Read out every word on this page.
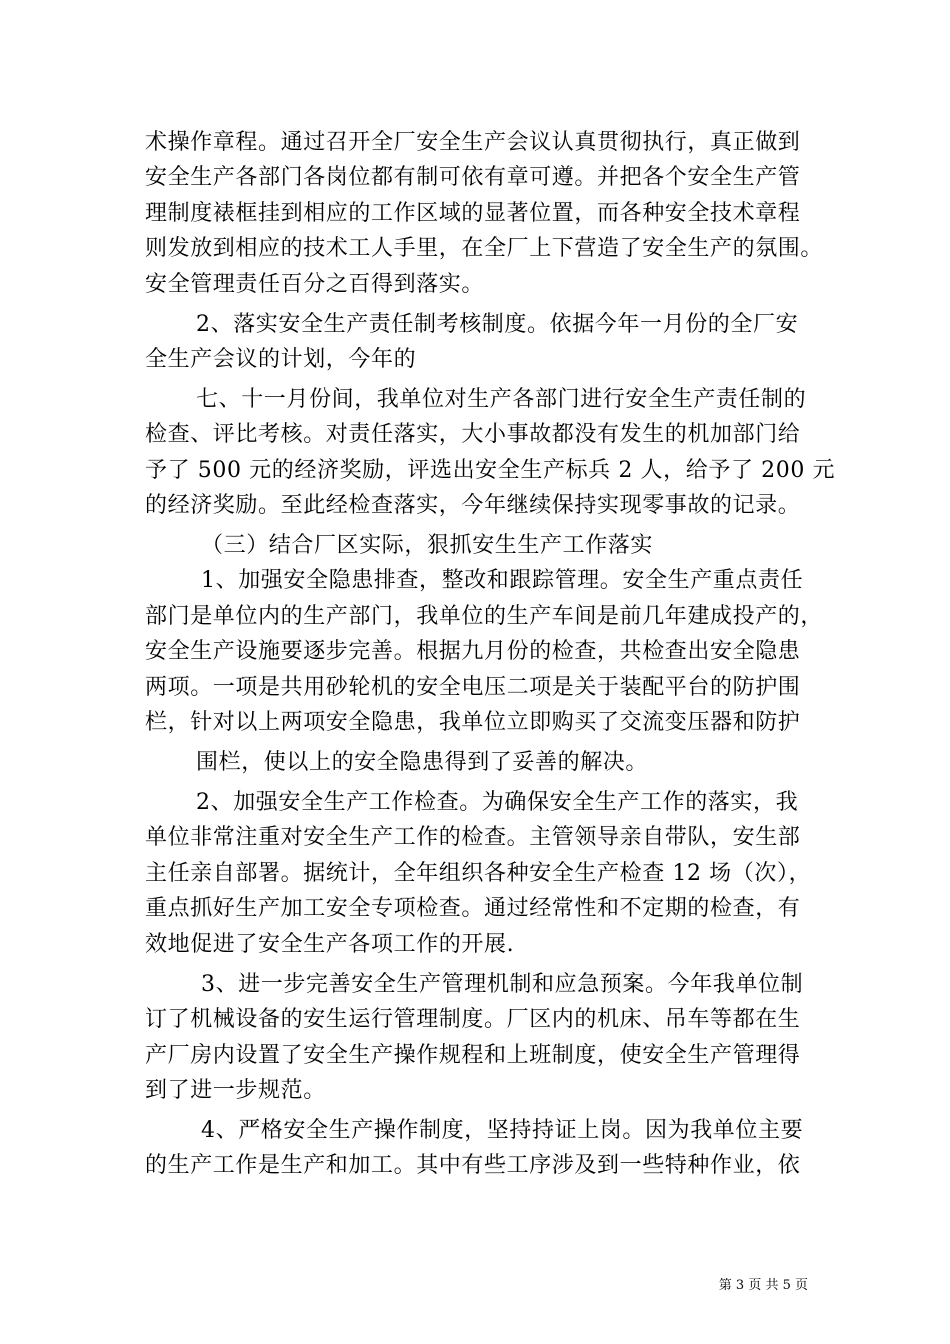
术操作章程。通过召开全厂安全生产会议认真贯彻执行，真正做到
安全生产各部门各岗位都有制可依有章可遵。并把各个安全生产管
理制度裱框挂到相应的工作区域的显著位置，而各种安全技术章程
则发放到相应的技术工人手里，在全厂上下营造了安全生产的氛围。
安全管理责任百分之百得到落实。
2、落实安全生产责任制考核制度。依据今年一月份的全厂安
全生产会议的计划，今年的
七、十一月份间，我单位对生产各部门进行安全生产责任制的
检查、评比考核。对责任落实，大小事故都没有发生的机加部门给
予了 500 元的经济奖励，评选出安全生产标兵 2 人，给予了 200 元
的经济奖励。至此经检查落实，今年继续保持实现零事故的记录。
（三）结合厂区实际，狠抓安生生产工作落实
1、加强安全隐患排查，整改和跟踪管理。安全生产重点责任
部门是单位内的生产部门，我单位的生产车间是前几年建成投产的，
安全生产设施要逐步完善。根据九月份的检查，共检查出安全隐患
两项。一项是共用砂轮机的安全电压二项是关于装配平台的防护围
栏，针对以上两项安全隐患，我单位立即购买了交流变压器和防护
围栏，使以上的安全隐患得到了妥善的解决。
2、加强安全生产工作检查。为确保安全生产工作的落实，我
单位非常注重对安全生产工作的检查。主管领导亲自带队，安生部
主任亲自部署。据统计，全年组织各种安全生产检查 12 场（次），
重点抓好生产加工安全专项检查。通过经常性和不定期的检查，有
效地促进了安全生产各项工作的开展.
3、进一步完善安全生产管理机制和应急预案。今年我单位制
订了机械设备的安生运行管理制度。厂区内的机床、吊车等都在生
产厂房内设置了安全生产操作规程和上班制度，使安全生产管理得
到了进一步规范。
4、严格安全生产操作制度，坚持持证上岗。因为我单位主要
的生产工作是生产和加工。其中有些工序涉及到一些特种作业，依
第 3 页 共 5 页
